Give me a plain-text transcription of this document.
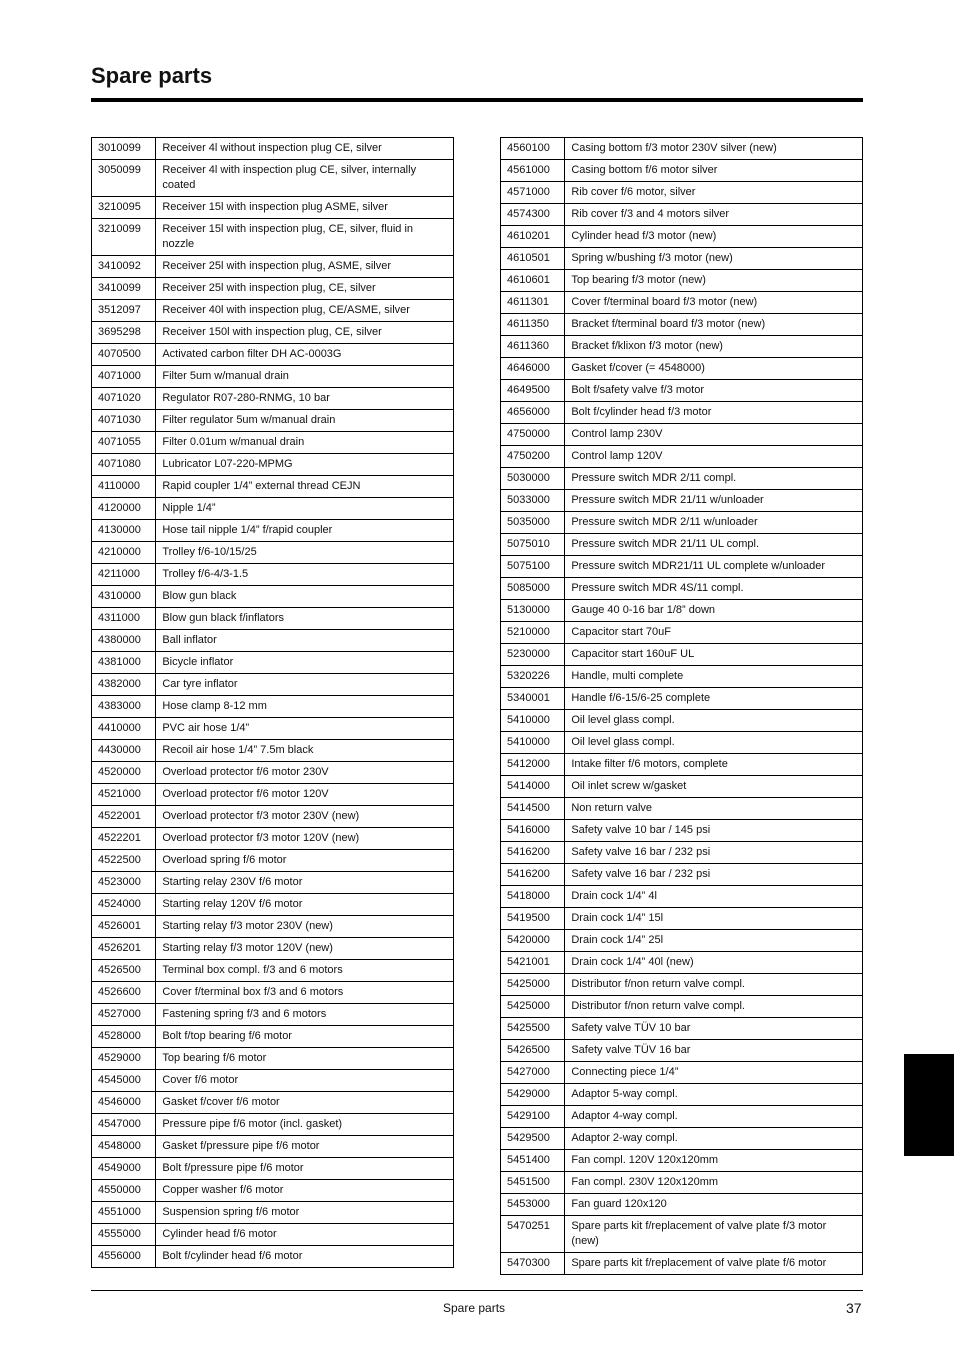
Spare parts
3010099	Receiver 4l without inspection plug CE, silver
3050099	Receiver 4l with inspection plug CE, silver, internally coated
3210095	Receiver 15l with inspection plug ASME, silver
3210099	Receiver 15l with inspection plug, CE, silver, fluid in nozzle
3410092	Receiver 25l with inspection plug, ASME, silver
3410099	Receiver 25l with inspection plug, CE, silver
3512097	Receiver 40l with inspection plug, CE/ASME, silver
3695298	Receiver 150l with inspection plug, CE, silver
4070500	Activated carbon filter DH AC-0003G
4071000	Filter 5um w/manual drain
4071020	Regulator R07-280-RNMG, 10 bar
4071030	Filter regulator 5um w/manual drain
4071055	Filter 0.01um w/manual drain
4071080	Lubricator L07-220-MPMG
4110000	Rapid coupler 1/4” external thread CEJN
4120000	Nipple 1/4”
4130000	Hose tail nipple 1/4” f/rapid coupler
4210000	Trolley f/6-10/15/25
4211000	Trolley f/6-4/3-1.5
4310000	Blow gun black
4311000	Blow gun black f/inflators
4380000	Ball inflator
4381000	Bicycle inflator
4382000	Car tyre inflator
4383000	Hose clamp 8-12 mm
4410000	PVC air hose 1/4”
4430000	Recoil air hose 1/4” 7.5m black
4520000	Overload protector f/6 motor 230V
4521000	Overload protector f/6 motor 120V
4522001	Overload protector f/3 motor 230V (new)
4522201	Overload protector f/3 motor 120V (new)
4522500	Overload spring f/6 motor
4523000	Starting relay 230V f/6 motor
4524000	Starting relay 120V f/6 motor
4526001	Starting relay f/3 motor 230V (new)
4526201	Starting relay f/3 motor 120V (new)
4526500	Terminal box compl. f/3 and 6 motors
4526600	Cover f/terminal box f/3 and 6 motors
4527000	Fastening spring f/3 and 6 motors
4528000	Bolt f/top bearing f/6 motor
4529000	Top bearing f/6 motor
4545000	Cover f/6 motor
4546000	Gasket f/cover f/6 motor
4547000	Pressure pipe f/6 motor (incl. gasket)
4548000	Gasket f/pressure pipe f/6 motor
4549000	Bolt f/pressure pipe f/6 motor
4550000	Copper washer f/6 motor
4551000	Suspension spring f/6 motor
4555000	Cylinder head f/6 motor
4556000	Bolt f/cylinder head f/6 motor
4560100	Casing bottom f/3 motor 230V silver (new)
4561000	Casing bottom f/6 motor silver
4571000	Rib cover f/6 motor, silver
4574300	Rib cover f/3 and 4 motors silver
4610201	Cylinder head f/3 motor (new)
4610501	Spring w/bushing f/3 motor (new)
4610601	Top bearing f/3 motor (new)
4611301	Cover f/terminal board f/3 motor (new)
4611350	Bracket f/terminal board f/3 motor (new)
4611360	Bracket f/klixon f/3 motor (new)
4646000	Gasket f/cover (= 4548000)
4649500	Bolt f/safety valve f/3 motor
4656000	Bolt f/cylinder head f/3 motor
4750000	Control lamp 230V
4750200	Control lamp 120V
5030000	Pressure switch MDR 2/11 compl.
5033000	Pressure switch MDR 21/11 w/unloader
5035000	Pressure switch MDR 2/11 w/unloader
5075010	Pressure switch MDR 21/11 UL compl.
5075100	Pressure switch MDR21/11 UL complete w/unloader
5085000	Pressure switch MDR 4S/11 compl.
5130000	Gauge 40 0-16 bar 1/8” down
5210000	Capacitor start 70uF
5230000	Capacitor start 160uF UL
5320226	Handle, multi complete
5340001	Handle f/6-15/6-25 complete
5410000	Oil level glass compl.
5410000	Oil level glass compl.
5412000	Intake filter f/6 motors, complete
5414000	Oil inlet screw w/gasket
5414500	Non return valve
5416000	Safety valve 10 bar / 145 psi
5416200	Safety valve 16 bar / 232 psi
5416200	Safety valve 16 bar / 232 psi
5418000	Drain cock 1/4” 4l
5419500	Drain cock 1/4” 15l
5420000	Drain cock 1/4” 25l
5421001	Drain cock 1/4” 40l (new)
5425000	Distributor f/non return valve compl.
5425000	Distributor f/non return valve compl.
5425500	Safety valve TÜV 10 bar
5426500	Safety valve TÜV 16 bar
5427000	Connecting piece 1/4”
5429000	Adaptor 5-way compl.
5429100	Adaptor 4-way compl.
5429500	Adaptor 2-way compl.
5451400	Fan compl. 120V 120x120mm
5451500	Fan compl. 230V 120x120mm
5453000	Fan guard 120x120
5470251	Spare parts kit f/replacement of valve plate f/3 motor (new)
5470300	Spare parts kit f/replacement of valve plate f/6 motor
Spare parts	37
